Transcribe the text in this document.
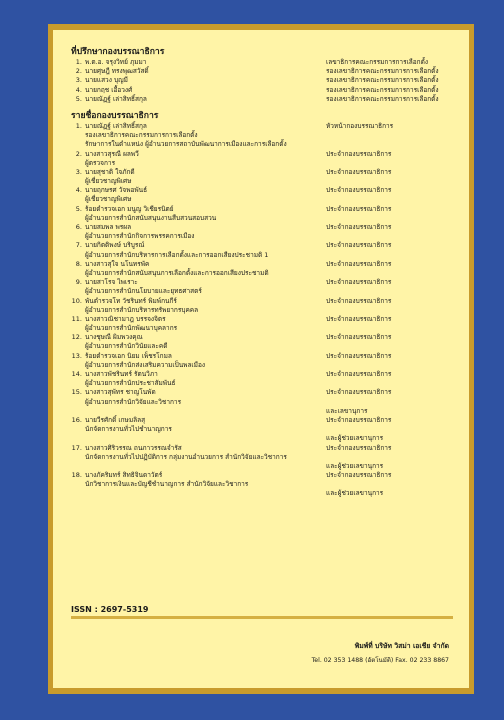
ที่ปรึกษากองบรรณาธิการ
1. พ.ต.อ. จรุงวิทย์ ภุมมา	เลขาธิการคณะกรรมการการเลือกตั้ง
2. นายศุษฎี ทรงพุฒสวัสดิ์	รองเลขาธิการคณะกรรมการการเลือกตั้ง
3. นายแสวง บุญมี	รองเลขาธิการคณะกรรมการการเลือกตั้ง
4. นายกฤช เอื้อวงศ์	รองเลขาธิการคณะกรรมการการเลือกตั้ง
5. นายณัฏฐ์ เล่าสิทธิ์สกุล	รองเลขาธิการคณะกรรมการการเลือกตั้ง
รายชื่อกองบรรณาธิการ
1. นายณัฏฐ์ เล่าสิทธิ์สกุล	หัวหน้ากองบรรณาธิการ
รองเลขาธิการคณะกรรมการการเลือกตั้ง
รักษาการในตำแหน่ง ผู้อำนวยการสถาบันพัฒนาการเมืองและการเลือกตั้ง
2. นางสาวสุรณี ผลพวี	ประจำกองบรรณาธิการ
ผู้ตรวจการ
3. นายสุชาติ ใจภักดี	ประจำกองบรรณาธิการ
ผู้เชี่ยวชาญพิเศษ
4. นายฤกษรศ วัจพอพันธ์	ประจำกองบรรณาธิการ
ผู้เชี่ยวชาญพิเศษ
5. ร้อยตำรวจเอก มนูญ วิเชียรนิตย์	ประจำกองบรรณาธิการ
ผู้อำนวยการสำนักสนับสนุนงานสืบสวนสอบสวน
6. นายสมพล พรผล	ประจำกองบรรณาธิการ
ผู้อำนวยการสำนักกิจการพรรคการเมือง
7. นายกิตติพงษ์ บริบูรณ์	ประจำกองบรรณาธิการ
ผู้อำนวยการสำนักบริหารการเลือกตั้งและการออกเสียงประชามติ 1
8. นางสาวสุใจ นโนทรพัค	ประจำกองบรรณาธิการ
ผู้อำนวยการสำนักสนับสนุนการเลือกตั้งและการออกเสียงประชามติ
9. นายสาโรจ ไพเราะ	ประจำกองบรรณาธิการ
ผู้อำนวยการสำนักนโยบายและยุทธศาสตร์
10. พันตำรวจโท วัชรินทร์ พิมพ์กนกีร์	ประจำกองบรรณาธิการ
ผู้อำนวยการสำนักบริหารทรัพยากรบุคคล
11. นางสาวณิชามาฎ บรรจงจิตร	ประจำกองบรรณาธิการ
ผู้อำนวยการสำนักพัฒนาบุคลากร
12. นางชุษณี ผิมพวงคุณ	ประจำกองบรรณาธิการ
ผู้อำนวยการสำนักวินัยและคดี
13. ร้อยตำรวจเอก นิยม เพ็ชรโกมล	ประจำกองบรรณาธิการ
ผู้อำนวยการสำนักส่งเสริมความเป็นพลเมือง
14. นางสาวพัชรินทร์ รัตนวิภา	ประจำกองบรรณาธิการ
ผู้อำนวยการสำนักประชาสัมพันธ์
15. นางสาวสุพัทร ชาญโนพัด	ประจำกองบรรณาธิการ
ผู้อำนวยการสำนักวิจัยและวิชาการ
และเลขานุการ
16. นายวีรศักดิ์ เกษมลิลสุ	ประจำกองบรรณาธิการ
นักจัดการงานทั่วไปชำนาญการ
และผู้ช่วยเลขานุการ
17. นางสาวศิริวรรณ ถนภาวรรณจำรัส	ประจำกองบรรณาธิการ
นักจัดการงานทั่วไปปฏิบัติการ กลุ่มงานอำนวยการ สำนักวิจัยและวิชาการ
และผู้ช่วยเลขานุการ
18. นางภัคริมทร์ สิทธิจินดาวัตร์	ประจำกองบรรณาธิการ
นักวิชาการเงินและบัญชีชำนาญการ สำนักวิจัยและวิชาการ
และผู้ช่วยเลขานุการ
ISSN : 2697-5319
พิมพ์ที่ บริษัท วิสม่า เอเชีย จำกัด
Tel. 02 353 1488 (อัตโนมัติ) Fax. 02 233 8867
